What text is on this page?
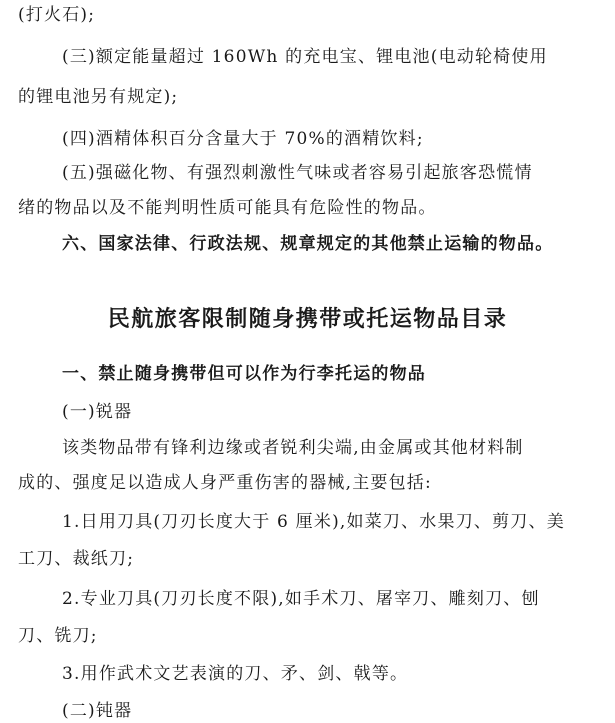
(打火石);
(三)额定能量超过 160Wh 的充电宝、锂电池(电动轮椅使用
的锂电池另有规定);
(四)酒精体积百分含量大于 70%的酒精饮料;
(五)强磁化物、有强烈刺激性气味或者容易引起旅客恐慌情
绪的物品以及不能判明性质可能具有危险性的物品。
六、国家法律、行政法规、规章规定的其他禁止运输的物品。
民航旅客限制随身携带或托运物品目录
一、禁止随身携带但可以作为行李托运的物品
(一)锐器
该类物品带有锋利边缘或者锐利尖端,由金属或其他材料制
成的、强度足以造成人身严重伤害的器械,主要包括:
1.日用刀具(刀刃长度大于 6 厘米),如菜刀、水果刀、剪刀、美
工刀、裁纸刀;
2.专业刀具(刀刃长度不限),如手术刀、屠宰刀、雕刻刀、刨
刀、铣刀;
3.用作武术文艺表演的刀、矛、剑、戟等。
(二)钝器
